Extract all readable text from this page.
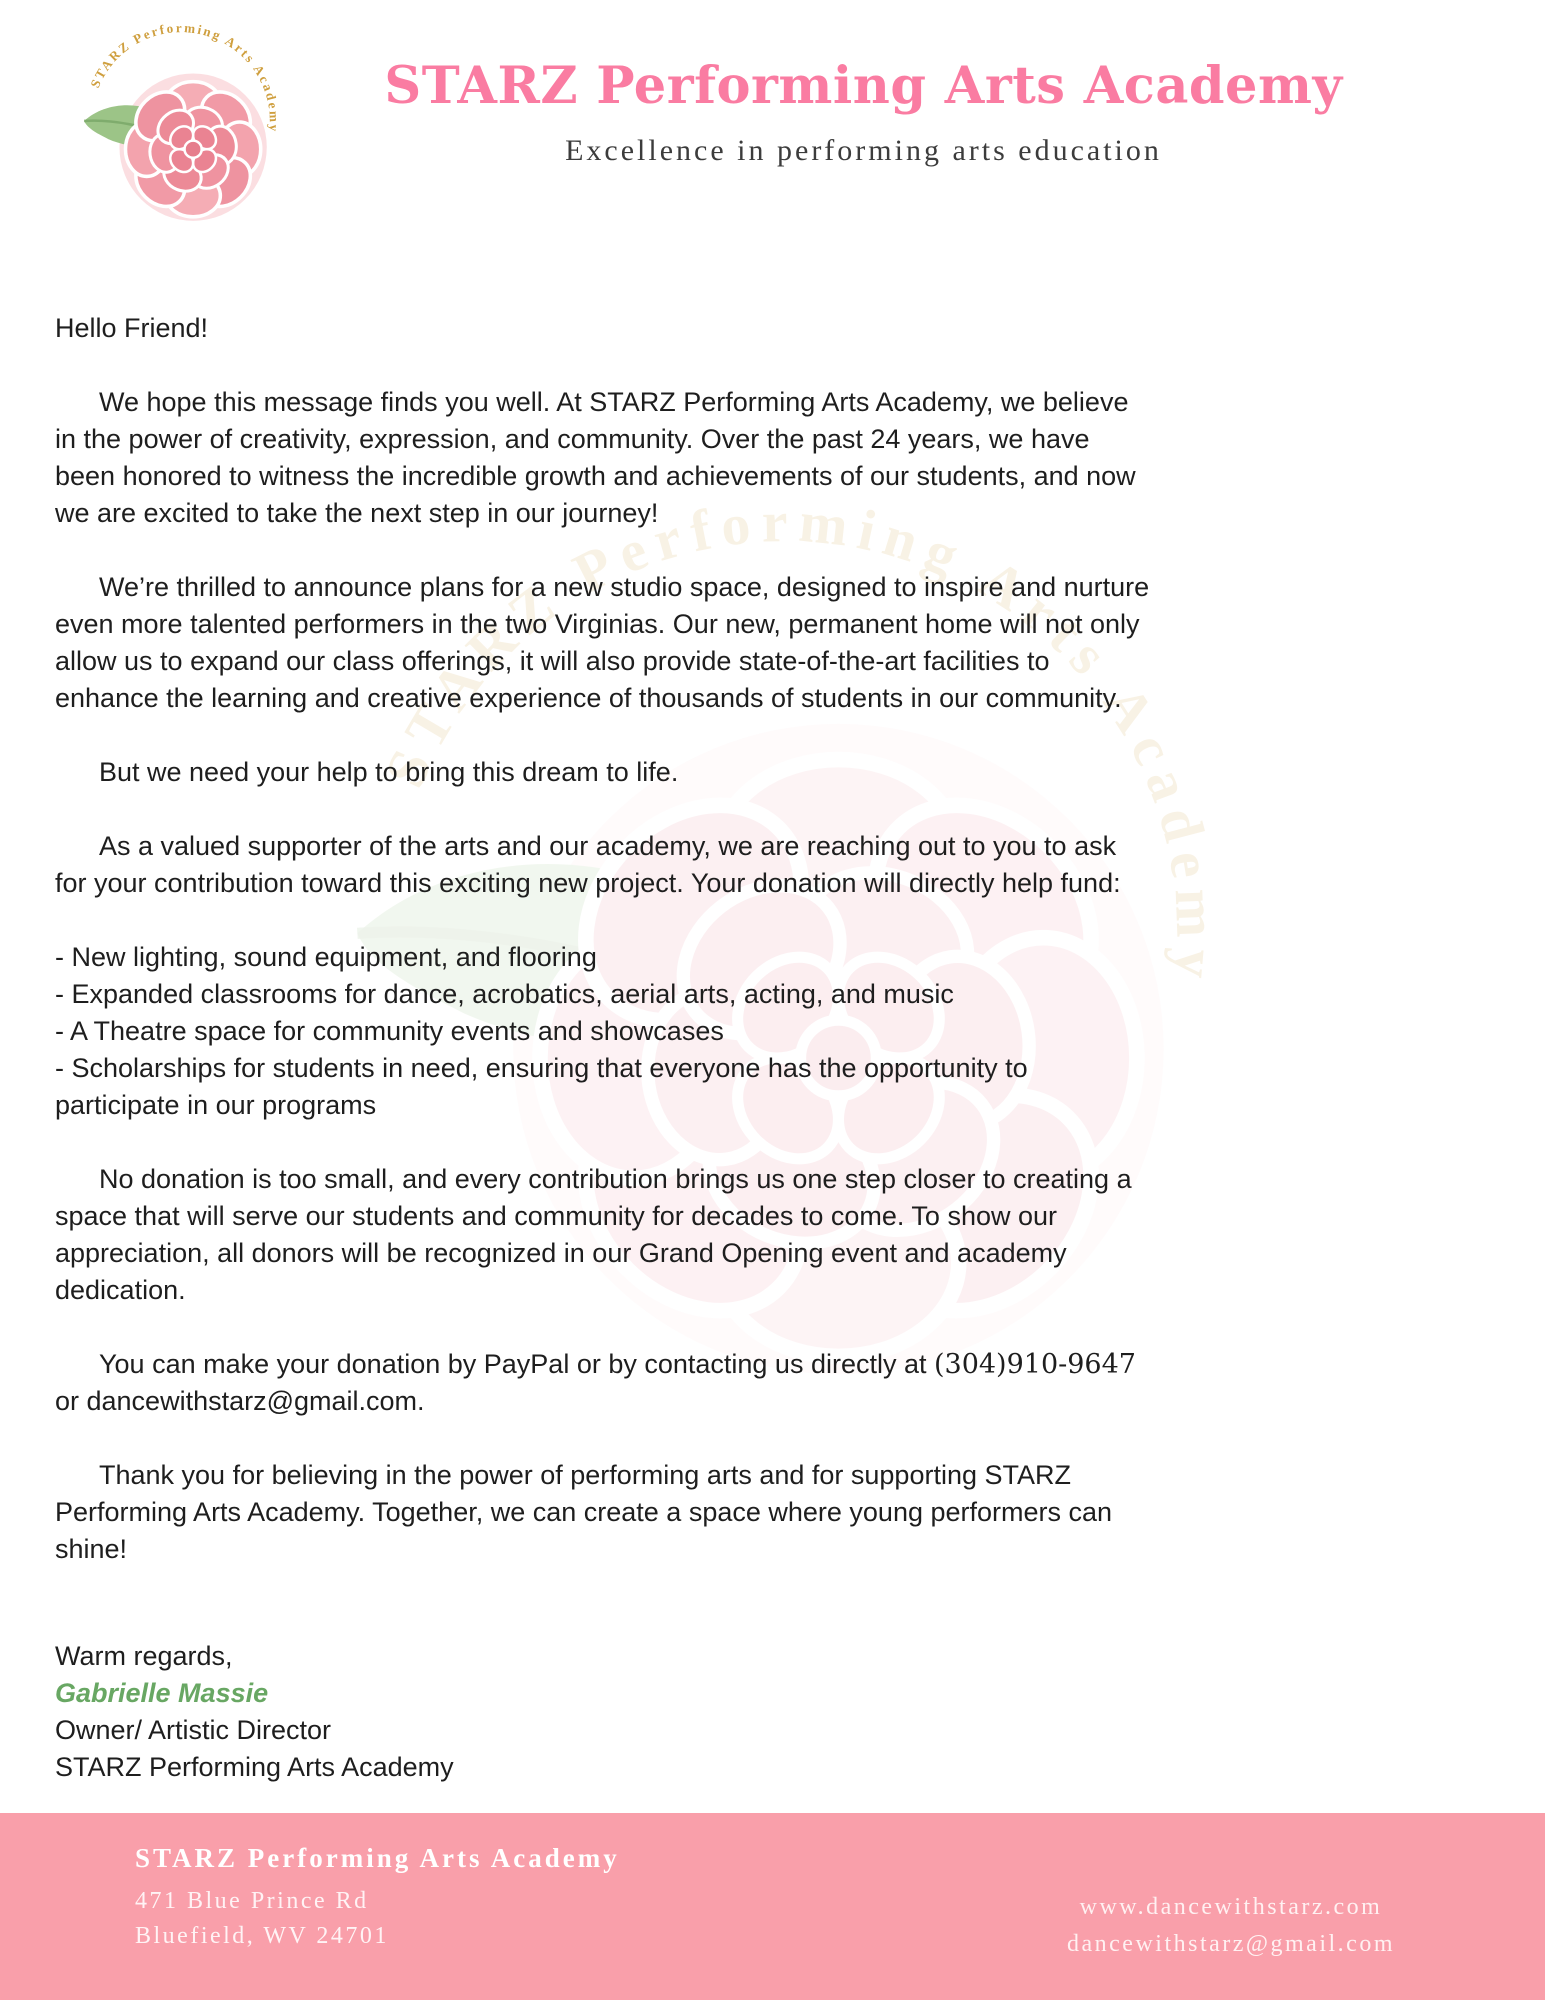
STARZ Performing Arts Academy
Excellence in performing arts education

Hello Friend!

We hope this message finds you well. At STARZ Performing Arts Academy, we believe in the power of creativity, expression, and community. Over the past 24 years, we have been honored to witness the incredible growth and achievements of our students, and now we are excited to take the next step in our journey!

We’re thrilled to announce plans for a new studio space, designed to inspire and nurture even more talented performers in the two Virginias. Our new, permanent home will not only allow us to expand our class offerings, it will also provide state-of-the-art facilities to enhance the learning and creative experience of thousands of students in our community.

But we need your help to bring this dream to life.

As a valued supporter of the arts and our academy, we are reaching out to you to ask for your contribution toward this exciting new project. Your donation will directly help fund:

- New lighting, sound equipment, and flooring

- Expanded classrooms for dance, acrobatics, aerial arts, acting, and music

- A Theatre space for community events and showcases

- Scholarships for students in need, ensuring that everyone has the opportunity to participate in our programs

No donation is too small, and every contribution brings us one step closer to creating a space that will serve our students and community for decades to come. To show our appreciation, all donors will be recognized in our Grand Opening event and academy dedication.

You can make your donation by PayPal or by contacting us directly at (304)910-9647 or dancewithstarz@gmail.com.

Thank you for believing in the power of performing arts and for supporting STARZ Performing Arts Academy. Together, we can create a space where young performers can shine!

Warm regards,
Gabrielle Massie
Owner/ Artistic Director
STARZ Performing Arts Academy
STARZ Performing Arts Academy
471 Blue Prince Rd
Bluefield, WV 24701
www.dancewithstarz.com
dancewithstarz@gmail.com
